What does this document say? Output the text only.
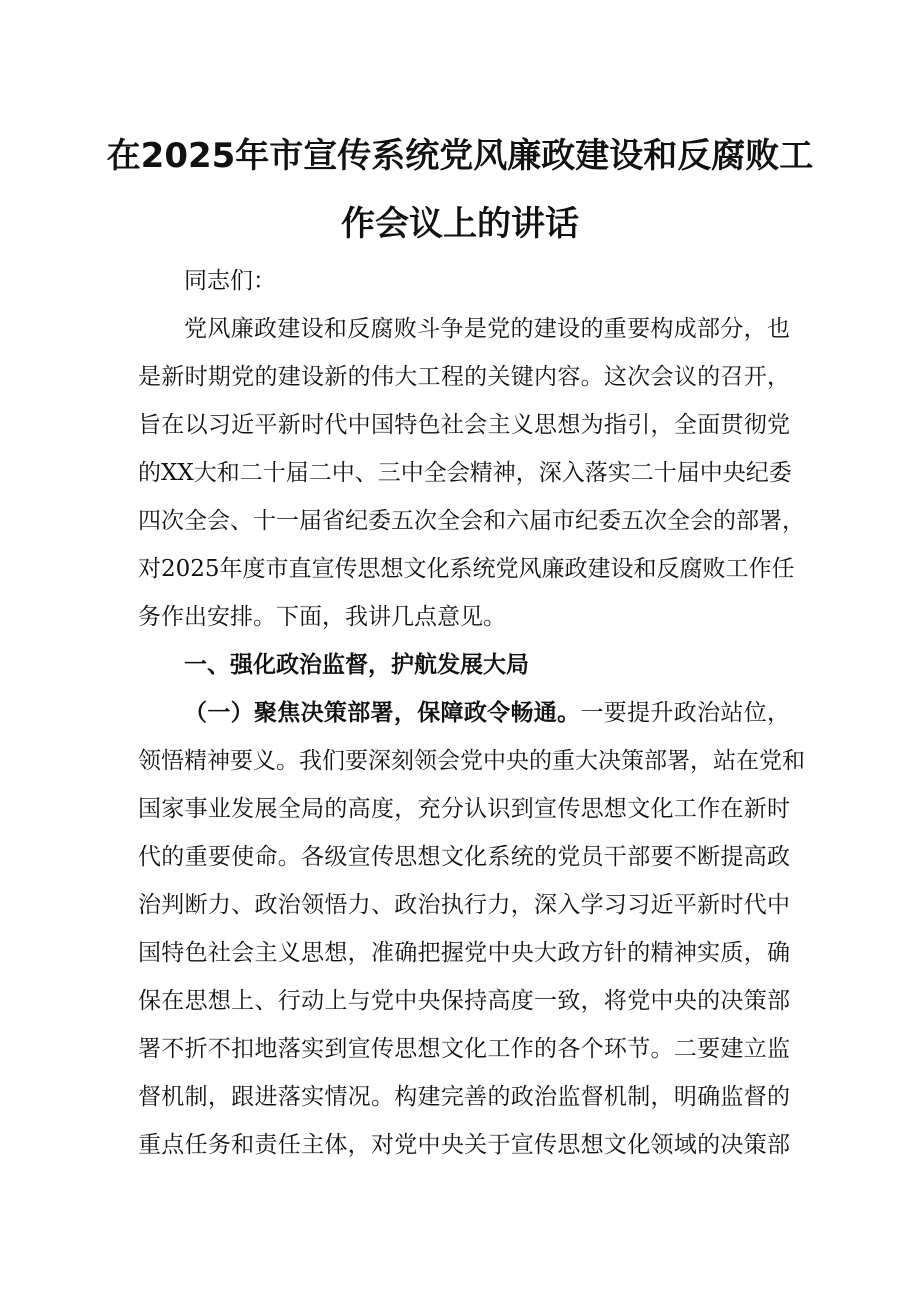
在2025年市宣传系统党风廉政建设和反腐败工
作会议上的讲话
同志们：
党风廉政建设和反腐败斗争是党的建设的重要构成部分，也
是新时期党的建设新的伟大工程的关键内容。这次会议的召开，
旨在以习近平新时代中国特色社会主义思想为指引，全面贯彻党
的XX大和二十届二中、三中全会精神，深入落实二十届中央纪委
四次全会、十一届省纪委五次全会和六届市纪委五次全会的部署，
对2025年度市直宣传思想文化系统党风廉政建设和反腐败工作任
务作出安排。下面，我讲几点意见。
一、强化政治监督，护航发展大局
（一）聚焦决策部署，保障政令畅通。一要提升政治站位，
领悟精神要义。我们要深刻领会党中央的重大决策部署，站在党和
国家事业发展全局的高度，充分认识到宣传思想文化工作在新时
代的重要使命。各级宣传思想文化系统的党员干部要不断提高政
治判断力、政治领悟力、政治执行力，深入学习习近平新时代中
国特色社会主义思想，准确把握党中央大政方针的精神实质，确
保在思想上、行动上与党中央保持高度一致，将党中央的决策部
署不折不扣地落实到宣传思想文化工作的各个环节。二要建立监
督机制，跟进落实情况。构建完善的政治监督机制，明确监督的
重点任务和责任主体，对党中央关于宣传思想文化领域的决策部
